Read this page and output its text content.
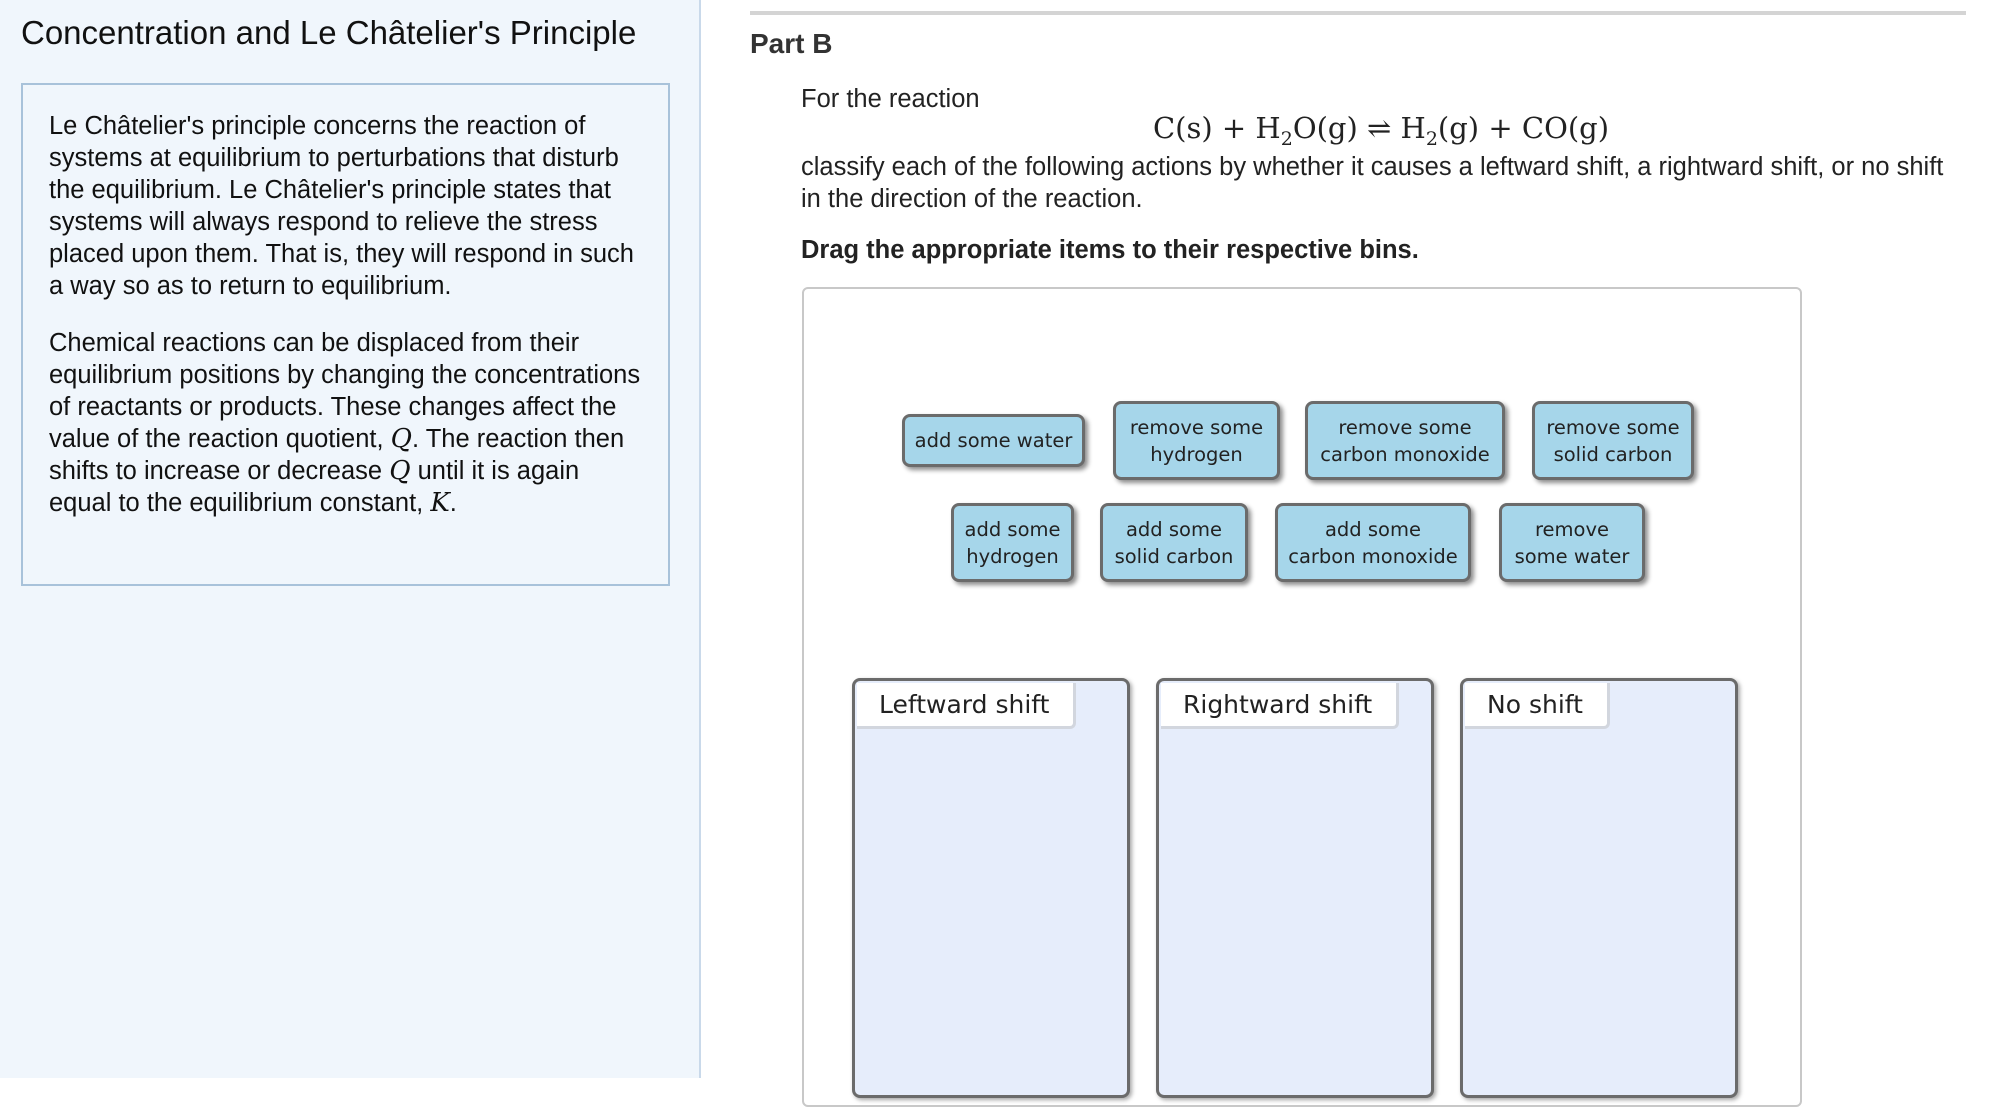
Concentration and Le Châtelier's Principle

Le Châtelier's principle concerns the reaction of systems at equilibrium to perturbations that disturb the equilibrium. Le Châtelier's principle states that systems will always respond to relieve the stress placed upon them. That is, they will respond in such a way so as to return to equilibrium.

Chemical reactions can be displaced from their equilibrium positions by changing the concentrations of reactants or products. These changes affect the value of the reaction quotient, Q. The reaction then shifts to increase or decrease Q until it is again equal to the equilibrium constant, K.

Part B
For the reaction
$C(s) + H_2O(g)$ ⇌ $H_2(g) + CO(g)$
classify each of the following actions by whether it causes a leftward shift, a rightward shift, or no shift in the direction of the reaction.
Drag the appropriate items to their respective bins.
add some water
remove some
hydrogen
remove some
carbon monoxide
remove some
solid carbon
add some
hydrogen
add some
solid carbon
add some
carbon monoxide
remove
some water
Leftward shift	Rightward shift	No shift
